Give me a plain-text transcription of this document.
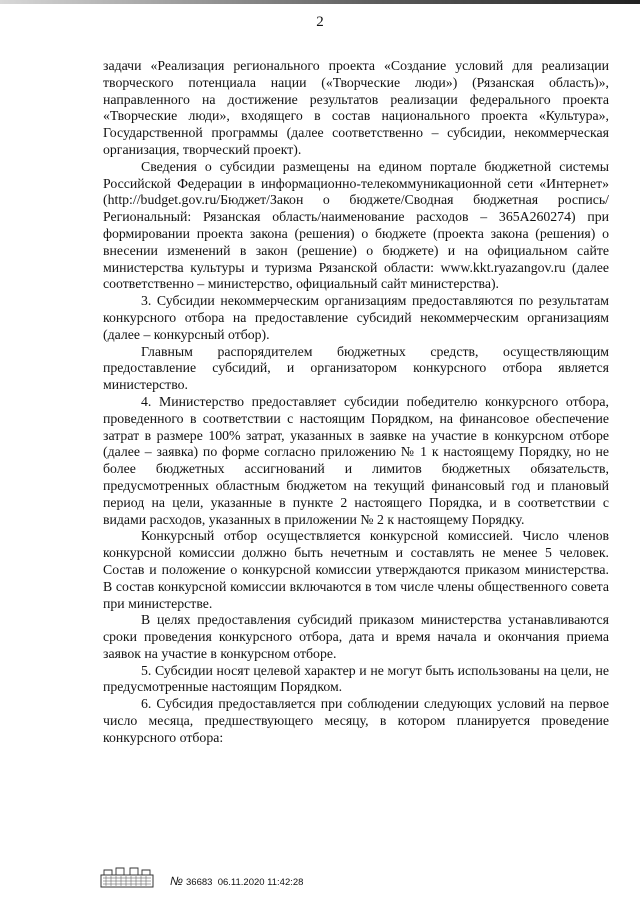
2

задачи «Реализация регионального проекта «Создание условий для реализации творческого потенциала нации («Творческие люди») (Рязанская область)», направленного на достижение результатов реализации федерального проекта «Творческие люди», входящего в состав национального проекта «Культура», Государственной программы (далее соответственно – субсидии, некоммерческая организация, творческий проект).

Сведения о субсидии размещены на едином портале бюджетной системы Российской Федерации в информационно-телекоммуникационной сети «Интернет» (http://budget.gov.ru/Бюджет/Закон о бюджете/Сводная бюджетная роспись/Региональный: Рязанская область/наименование расходов – 365А260274) при формировании проекта закона (решения) о бюджете (проекта закона (решения) о внесении изменений в закон (решение) о бюджете) и на официальном сайте министерства культуры и туризма Рязанской области: www.kkt.ryazangov.ru (далее соответственно – министерство, официальный сайт министерства).

3. Субсидии некоммерческим организациям предоставляются по результатам конкурсного отбора на предоставление субсидий некоммерческим организациям (далее – конкурсный отбор).

Главным распорядителем бюджетных средств, осуществляющим предоставление субсидий, и организатором конкурсного отбора является министерство.

4. Министерство предоставляет субсидии победителю конкурсного отбора, проведенного в соответствии с настоящим Порядком, на финансовое обеспечение затрат в размере 100% затрат, указанных в заявке на участие в конкурсном отборе (далее – заявка) по форме согласно приложению № 1 к настоящему Порядку, но не более бюджетных ассигнований и лимитов бюджетных обязательств, предусмотренных областным бюджетом на текущий финансовый год и плановый период на цели, указанные в пункте 2 настоящего Порядка, и в соответствии с видами расходов, указанных в приложении № 2 к настоящему Порядку.

Конкурсный отбор осуществляется конкурсной комиссией. Число членов конкурсной комиссии должно быть нечетным и составлять не менее 5 человек. Состав и положение о конкурсной комиссии утверждаются приказом министерства. В состав конкурсной комиссии включаются в том числе члены общественного совета при министерстве.

В целях предоставления субсидий приказом министерства устанавливаются сроки проведения конкурсного отбора, дата и время начала и окончания приема заявок на участие в конкурсном отборе.

5. Субсидии носят целевой характер и не могут быть использованы на цели, не предусмотренные настоящим Порядком.

6. Субсидия предоставляется при соблюдении следующих условий на первое число месяца, предшествующего месяцу, в котором планируется проведение конкурсного отбора:

№ 36683 06.11.2020 11:42:28
